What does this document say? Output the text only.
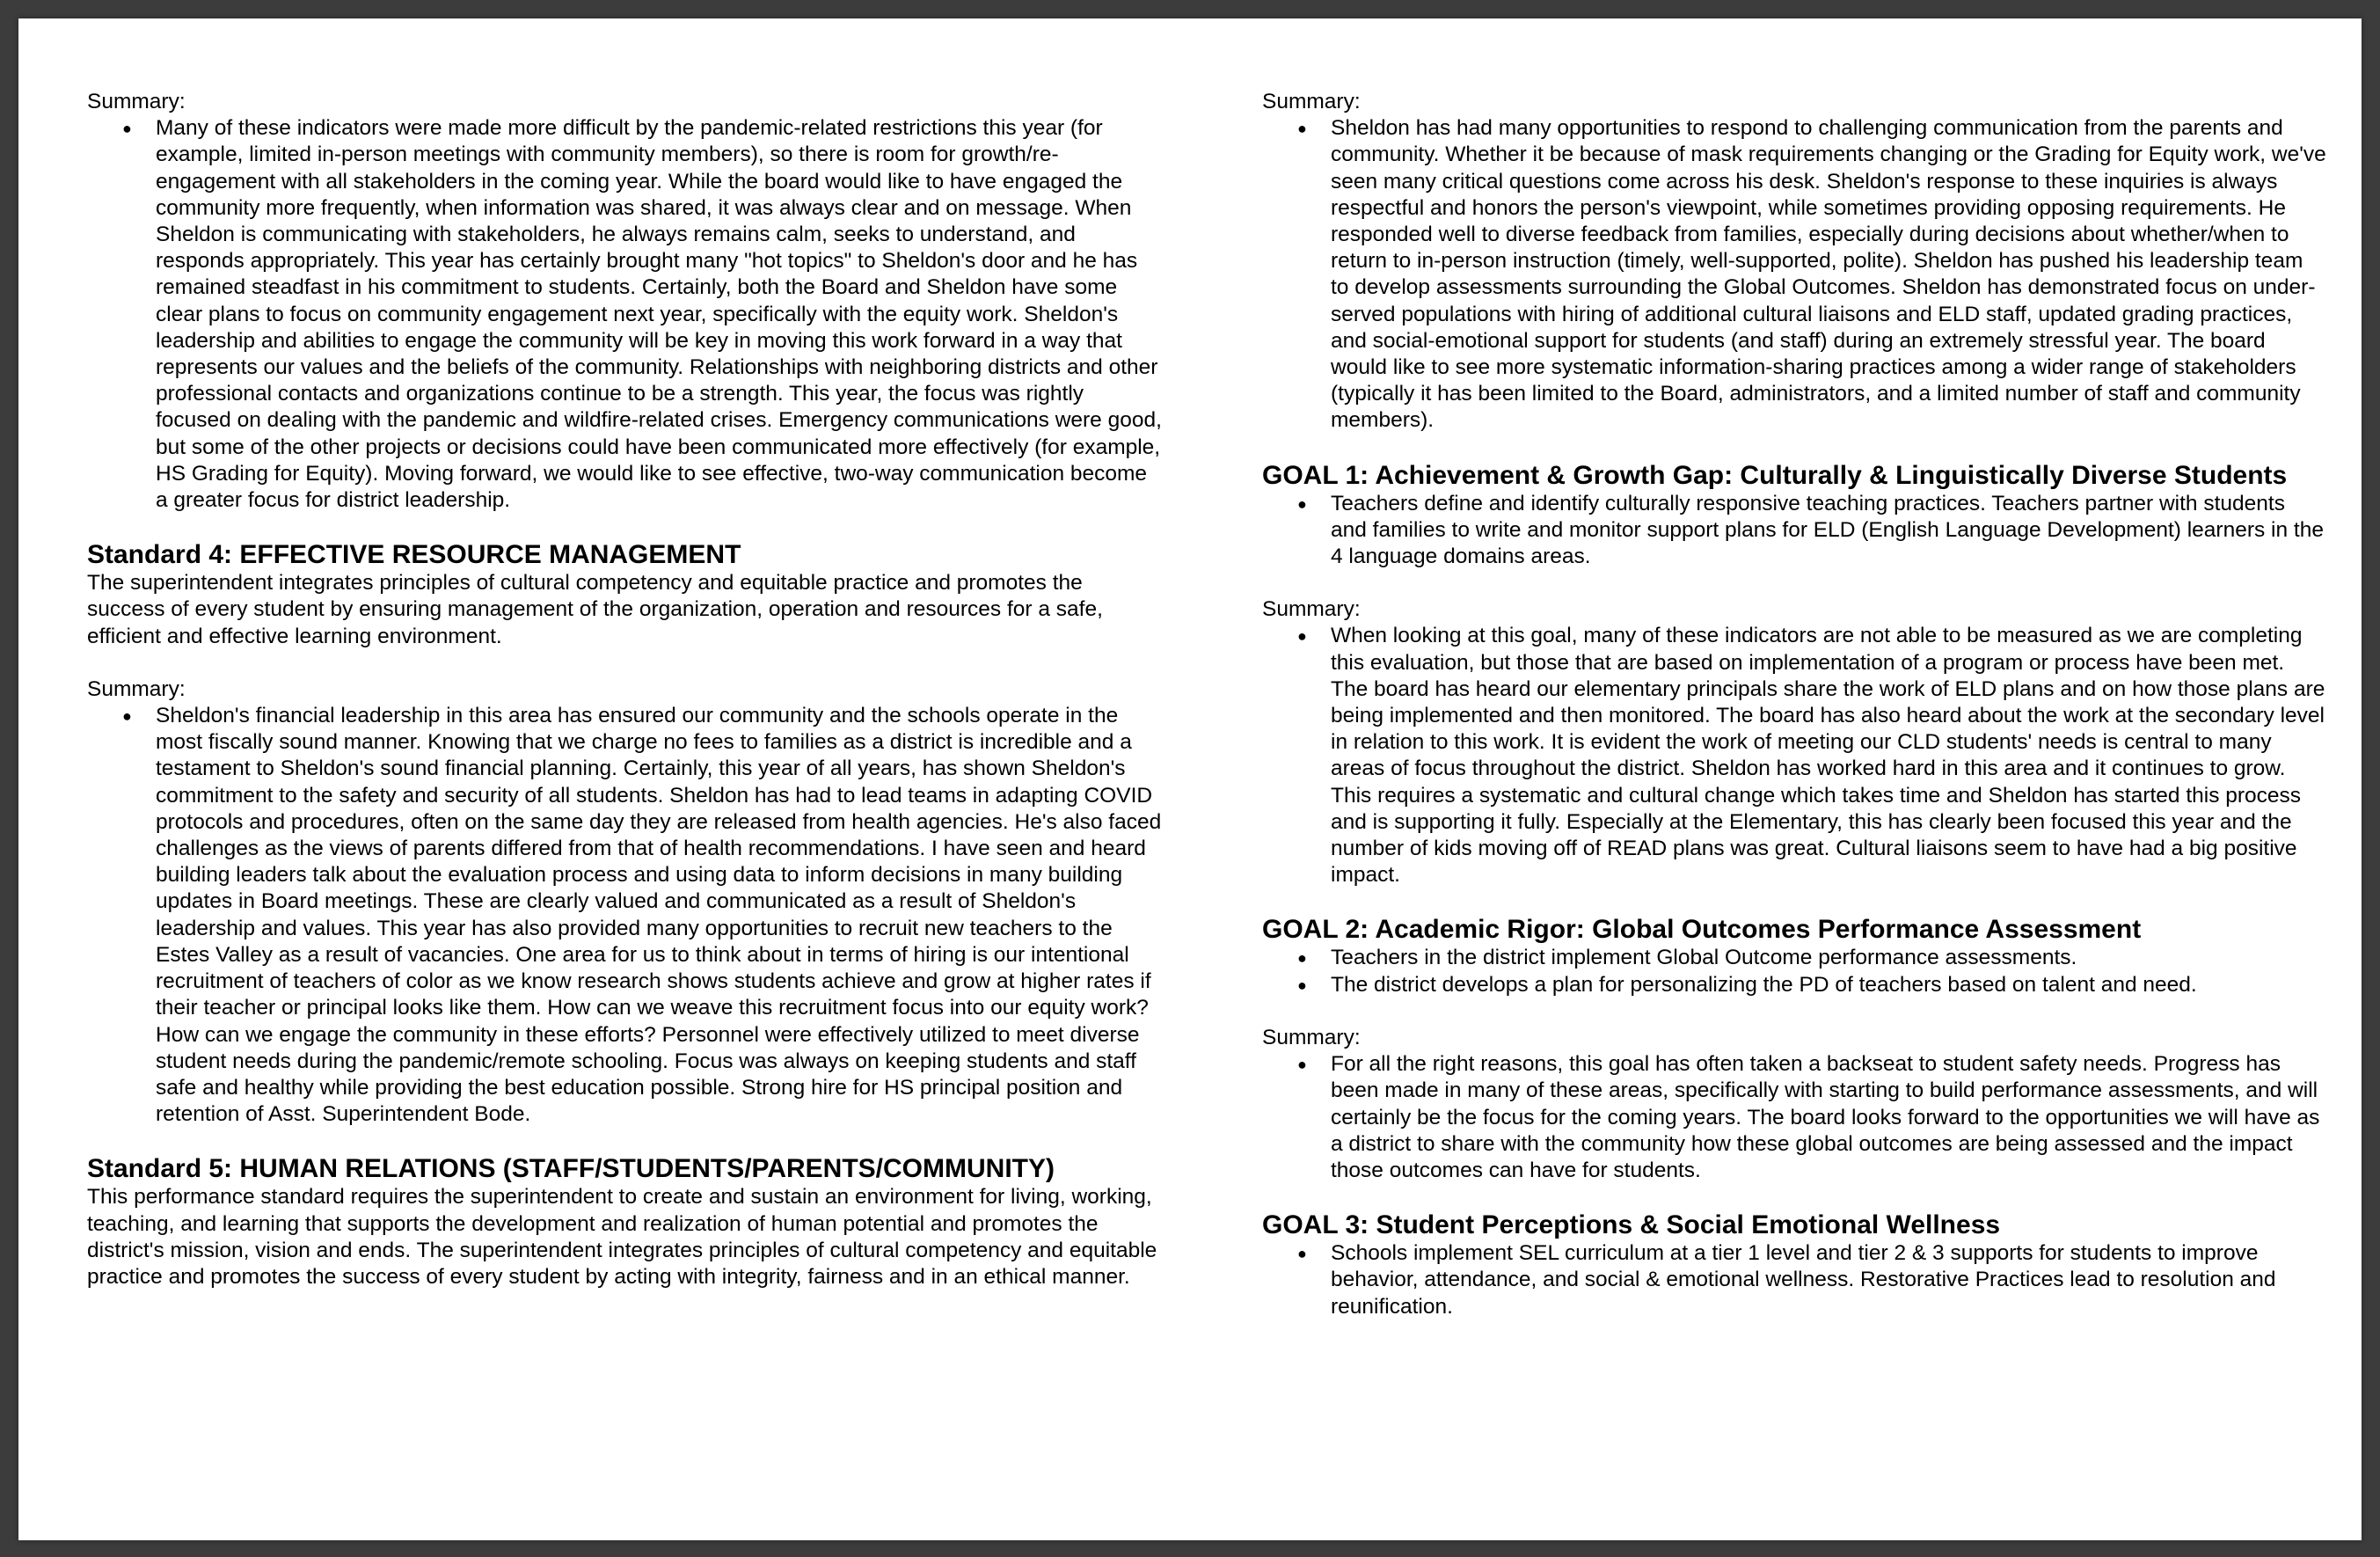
Summary:

● Many of these indicators were made more difficult by the pandemic-related restrictions this year (for example, limited in-person meetings with community members), so there is room for growth/re-engagement with all stakeholders in the coming year. While the board would like to have engaged the community more frequently, when information was shared, it was always clear and on message. When Sheldon is communicating with stakeholders, he always remains calm, seeks to understand, and responds appropriately. This year has certainly brought many "hot topics" to Sheldon's door and he has remained steadfast in his commitment to students. Certainly, both the Board and Sheldon have some clear plans to focus on community engagement next year, specifically with the equity work. Sheldon's leadership and abilities to engage the community will be key in moving this work forward in a way that represents our values and the beliefs of the community. Relationships with neighboring districts and other professional contacts and organizations continue to be a strength. This year, the focus was rightly focused on dealing with the pandemic and wildfire-related crises. Emergency communications were good, but some of the other projects or decisions could have been communicated more effectively (for example, HS Grading for Equity). Moving forward, we would like to see effective, two-way communication become a greater focus for district leadership.
Standard 4: EFFECTIVE RESOURCE MANAGEMENT

The superintendent integrates principles of cultural competency and equitable practice and promotes the success of every student by ensuring management of the organization, operation and resources for a safe, efficient and effective learning environment.

Summary:

● Sheldon's financial leadership in this area has ensured our community and the schools operate in the most fiscally sound manner. Knowing that we charge no fees to families as a district is incredible and a testament to Sheldon's sound financial planning. Certainly, this year of all years, has shown Sheldon's commitment to the safety and security of all students. Sheldon has had to lead teams in adapting COVID protocols and procedures, often on the same day they are released from health agencies. He's also faced challenges as the views of parents differed from that of health recommendations. I have seen and heard building leaders talk about the evaluation process and using data to inform decisions in many building updates in Board meetings. These are clearly valued and communicated as a result of Sheldon's leadership and values. This year has also provided many opportunities to recruit new teachers to the Estes Valley as a result of vacancies. One area for us to think about in terms of hiring is our intentional recruitment of teachers of color as we know research shows students achieve and grow at higher rates if their teacher or principal looks like them. How can we weave this recruitment focus into our equity work? How can we engage the community in these efforts? Personnel were effectively utilized to meet diverse student needs during the pandemic/remote schooling. Focus was always on keeping students and staff safe and healthy while providing the best education possible. Strong hire for HS principal position and retention of Asst. Superintendent Bode.
Standard 5: HUMAN RELATIONS (STAFF/STUDENTS/PARENTS/COMMUNITY)

This performance standard requires the superintendent to create and sustain an environment for living, working, teaching, and learning that supports the development and realization of human potential and promotes the district's mission, vision and ends. The superintendent integrates principles of cultural competency and equitable practice and promotes the success of every student by acting with integrity, fairness and in an ethical manner.

Summary:

● Sheldon has had many opportunities to respond to challenging communication from the parents and community. Whether it be because of mask requirements changing or the Grading for Equity work, we've seen many critical questions come across his desk. Sheldon's response to these inquiries is always respectful and honors the person's viewpoint, while sometimes providing opposing requirements. He responded well to diverse feedback from families, especially during decisions about whether/when to return to in-person instruction (timely, well-supported, polite). Sheldon has pushed his leadership team to develop assessments surrounding the Global Outcomes. Sheldon has demonstrated focus on under-served populations with hiring of additional cultural liaisons and ELD staff, updated grading practices, and social-emotional support for students (and staff) during an extremely stressful year. The board would like to see more systematic information-sharing practices among a wider range of stakeholders (typically it has been limited to the Board, administrators, and a limited number of staff and community members).
GOAL 1: Achievement & Growth Gap: Culturally & Linguistically Diverse Students
● Teachers define and identify culturally responsive teaching practices. Teachers partner with students and families to write and monitor support plans for ELD (English Language Development) learners in the 4 language domains areas.

Summary:

● When looking at this goal, many of these indicators are not able to be measured as we are completing this evaluation, but those that are based on implementation of a program or process have been met. The board has heard our elementary principals share the work of ELD plans and on how those plans are being implemented and then monitored. The board has also heard about the work at the secondary level in relation to this work. It is evident the work of meeting our CLD students' needs is central to many areas of focus throughout the district. Sheldon has worked hard in this area and it continues to grow. This requires a systematic and cultural change which takes time and Sheldon has started this process and is supporting it fully. Especially at the Elementary, this has clearly been focused this year and the number of kids moving off of READ plans was great. Cultural liaisons seem to have had a big positive impact.
GOAL 2: Academic Rigor: Global Outcomes Performance Assessment
● Teachers in the district implement Global Outcome performance assessments.
● The district develops a plan for personalizing the PD of teachers based on talent and need.

Summary:

● For all the right reasons, this goal has often taken a backseat to student safety needs. Progress has been made in many of these areas, specifically with starting to build performance assessments, and will certainly be the focus for the coming years. The board looks forward to the opportunities we will have as a district to share with the community how these global outcomes are being assessed and the impact those outcomes can have for students.
GOAL 3: Student Perceptions & Social Emotional Wellness
● Schools implement SEL curriculum at a tier 1 level and tier 2 & 3 supports for students to improve behavior, attendance, and social & emotional wellness. Restorative Practices lead to resolution and reunification.
